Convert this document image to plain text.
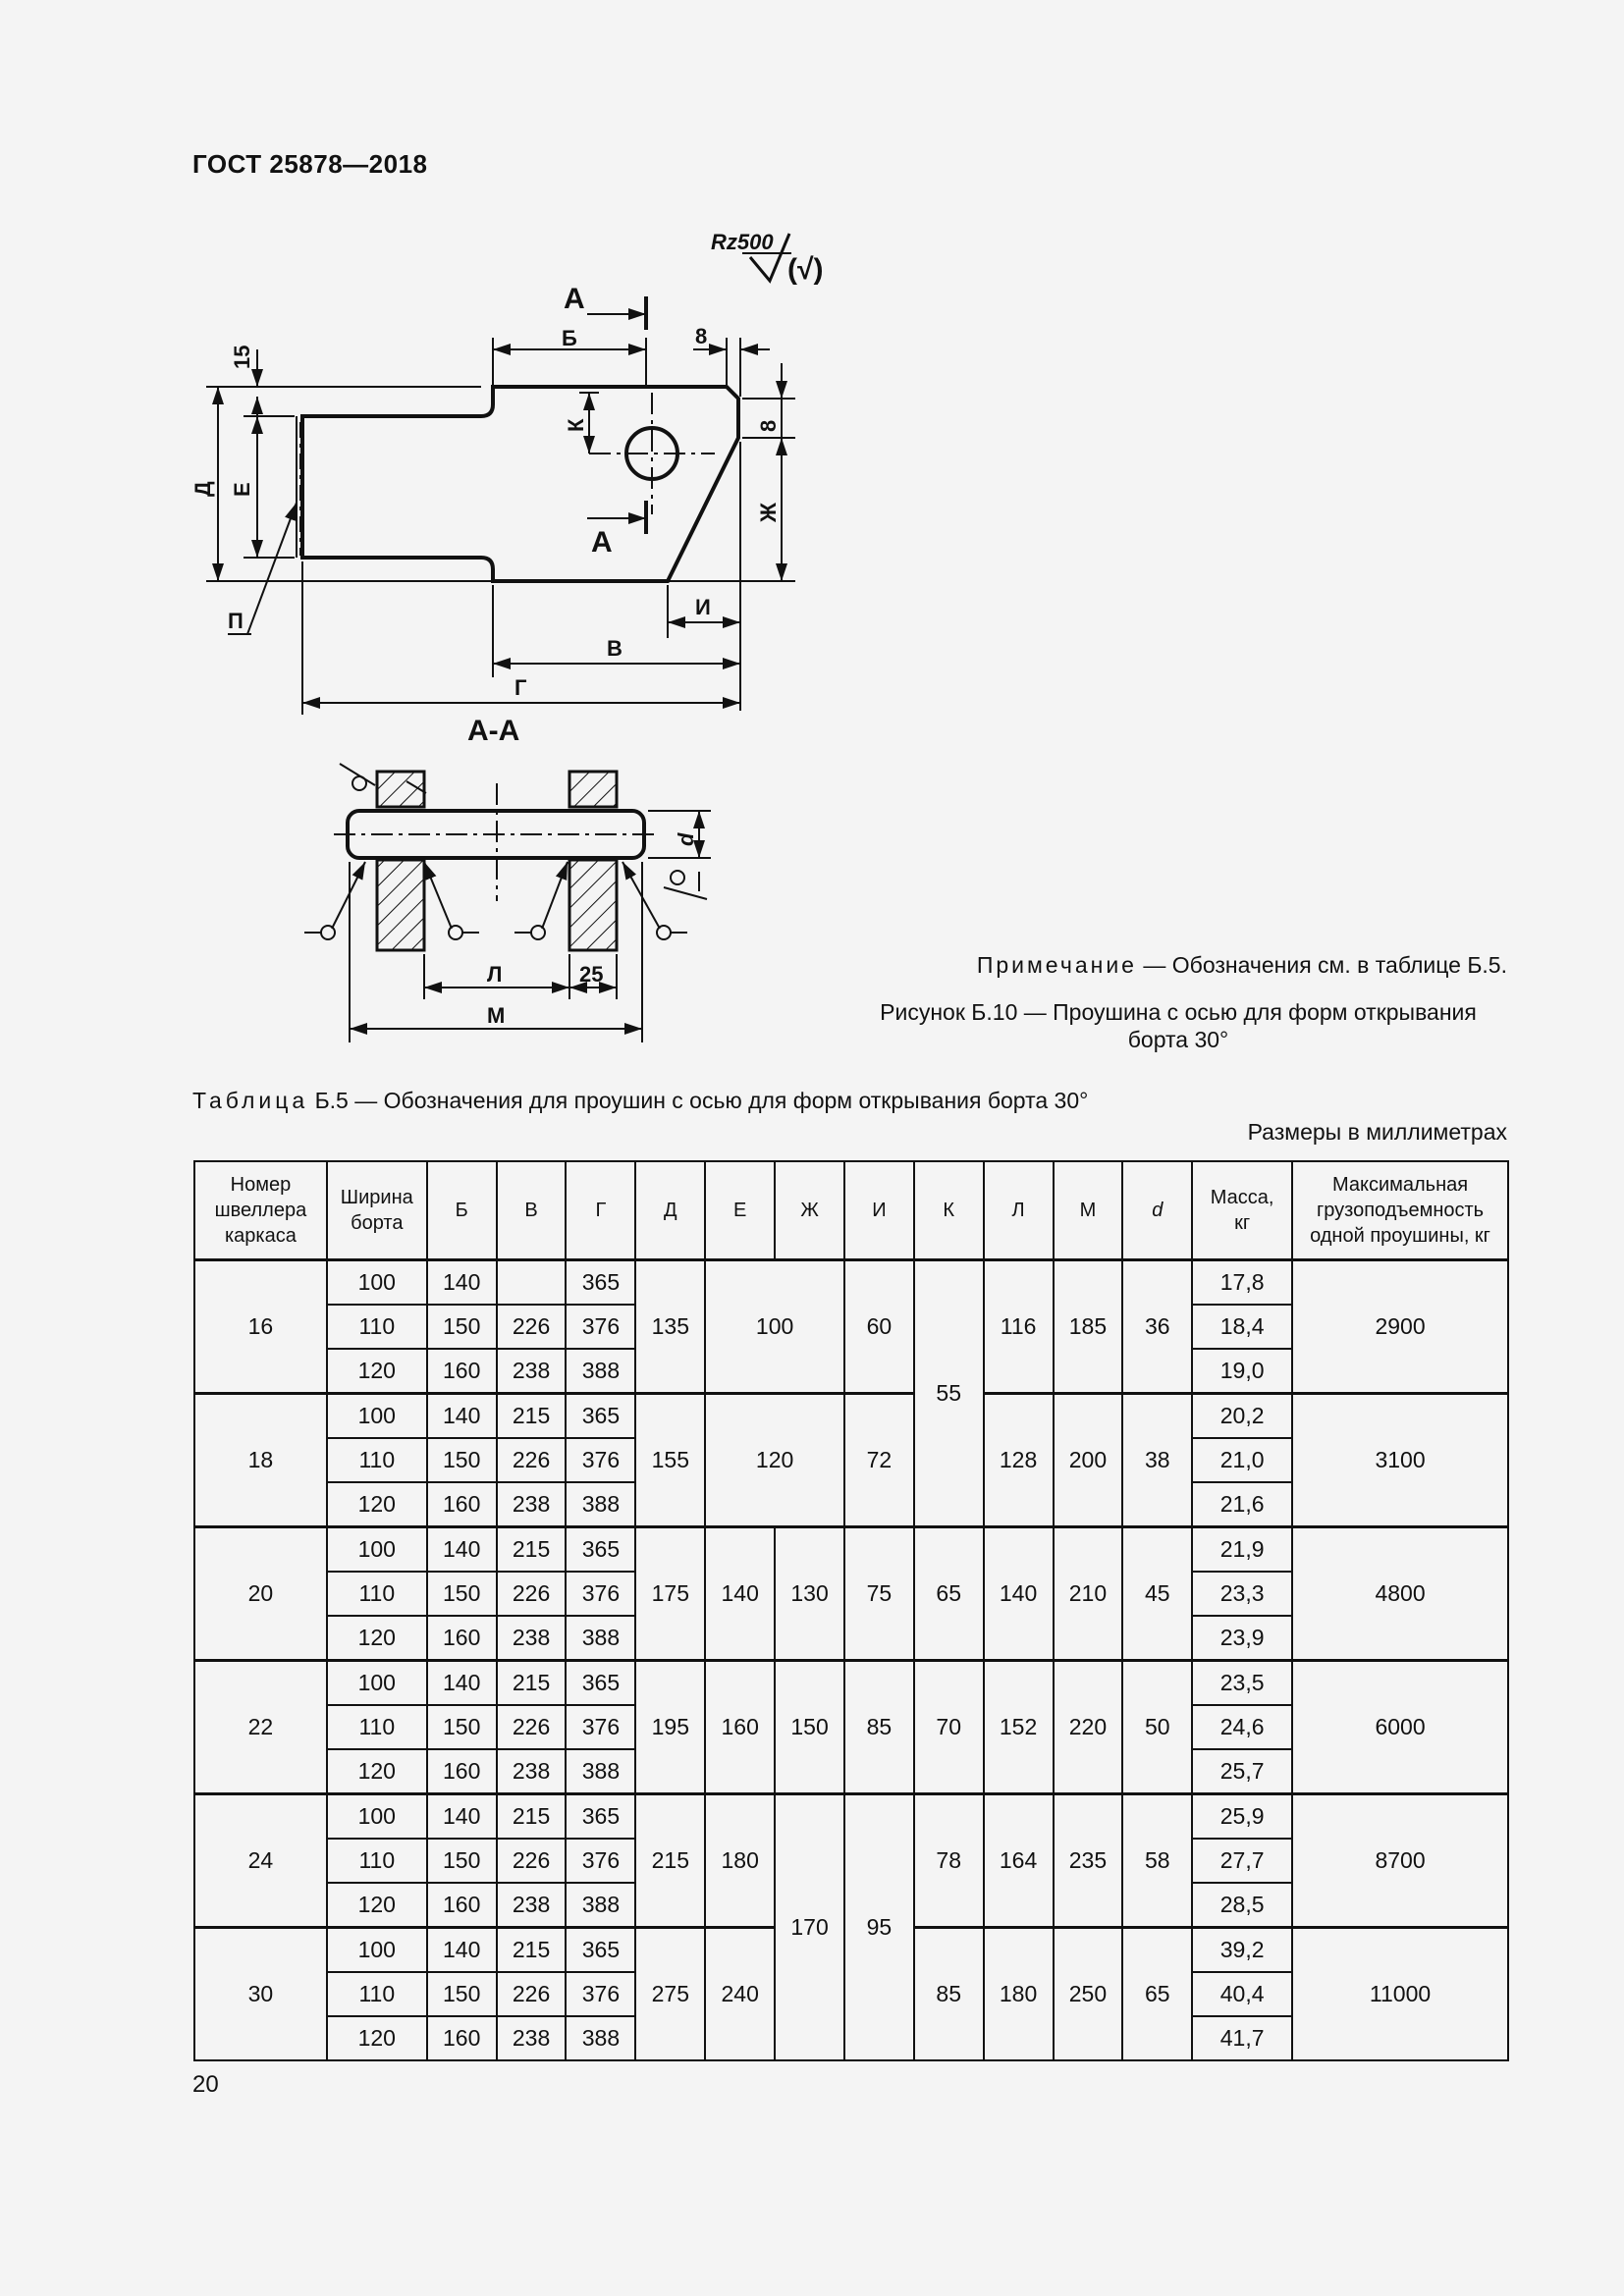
ГОСТ 25878—2018
Rz500
(√)
А
А
Б	8
15
К	8
Д Е
Ж
П
И
В
Г
А-А
d
Л	25
М
Примечание — Обозначения см. в таблице Б.5.
Рисунок Б.10 — Проушина с осью для форм открывания
борта 30°
Таблица Б.5 — Обозначения для проушин с осью для форм открывания борта 30°
Размеры в миллиметрах
Номер
швеллера
каркаса	Ширина
борта	Б	В	Г	Д	Е	Ж	И	К	Л	М	d	Масса,
кг	Максимальная
грузоподъемность
одной проушины, кг
16	100	140		365	135	100		60	55	116	185	36	17,8	2900
	110	150	226	376									18,4	
	120	160	238	388									19,0	
18	100	140	215	365	155	120		72		128	200	38	20,2	3100
	110	150	226	376									21,0	
	120	160	238	388									21,6	
20	100	140	215	365	175	140	130	75	65	140	210	45	21,9	4800
	110	150	226	376									23,3	
	120	160	238	388									23,9	
22	100	140	215	365	195	160	150	85	70	152	220	50	23,5	6000
	110	150	226	376									24,6	
	120	160	238	388									25,7	
24	100	140	215	365	215	180	170	95	78	164	235	58	25,9	8700
	110	150	226	376									27,7	
	120	160	238	388									28,5	
30	100	140	215	365	275	240			85	180	250	65	39,2	11000
	110	150	226	376									40,4	
	120	160	238	388									41,7	
20
